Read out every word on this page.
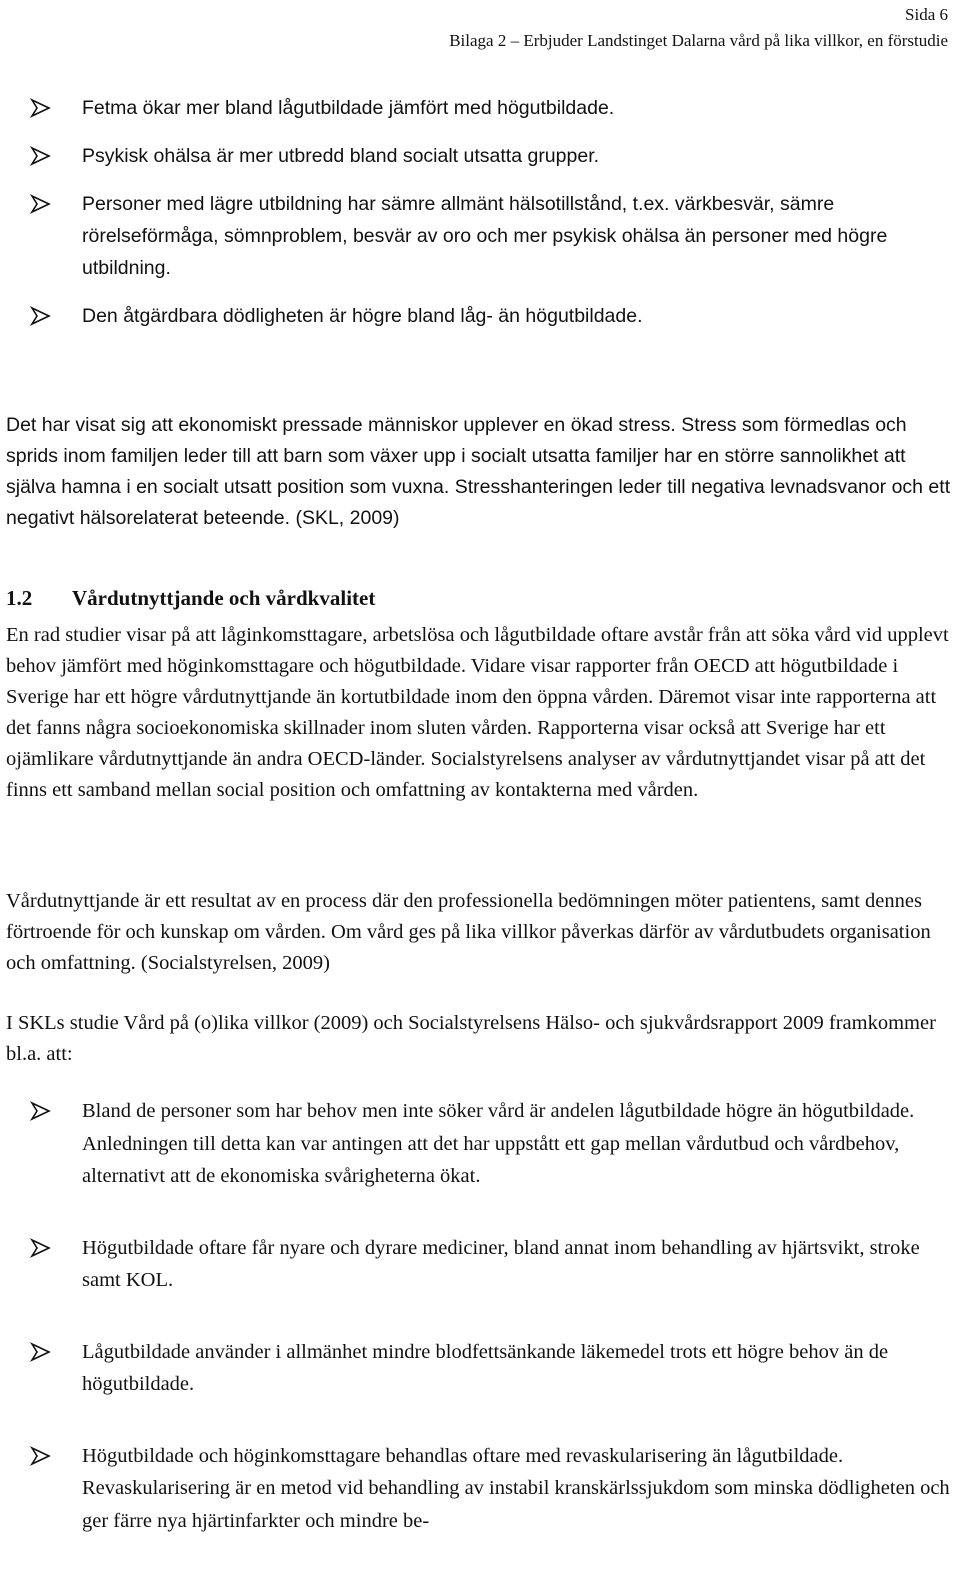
Sida 6
Bilaga 2 – Erbjuder Landstinget Dalarna vård på lika villkor, en förstudie
Fetma ökar mer bland lågutbildade jämfört med högutbildade.
Psykisk ohälsa är mer utbredd bland socialt utsatta grupper.
Personer med lägre utbildning har sämre allmänt hälsotillstånd, t.ex. värkbesvär, sämre rörelseförmåga, sömnproblem, besvär av oro och mer psykisk ohälsa än personer med högre utbildning.
Den åtgärdbara dödligheten är högre bland låg- än högutbildade.
Det har visat sig att ekonomiskt pressade människor upplever en ökad stress. Stress som förmedlas och sprids inom familjen leder till att barn som växer upp i socialt utsatta familjer har en större sannolikhet att själva hamna i en socialt utsatt position som vuxna. Stresshanteringen leder till negativa levnadsvanor och ett negativt hälsorelaterat beteende. (SKL, 2009)
1.2 Vårdutnyttjande och vårdkvalitet
En rad studier visar på att låginkomsttagare, arbetslösa och lågutbildade oftare avstår från att söka vård vid upplevt behov jämfört med höginkomsttagare och högutbildade. Vidare visar rapporter från OECD att högutbildade i Sverige har ett högre vårdutnyttjande än kortutbildade inom den öppna vården. Däremot visar inte rapporterna att det fanns några socioekonomiska skillnader inom sluten vården. Rapporterna visar också att Sverige har ett ojämlikare vårdutnyttjande än andra OECD-länder. Socialstyrelsens analyser av vårdutnyttjandet visar på att det finns ett samband mellan social position och omfattning av kontakterna med vården.
Vårdutnyttjande är ett resultat av en process där den professionella bedömningen möter patientens, samt dennes förtroende för och kunskap om vården. Om vård ges på lika villkor påverkas därför av vårdutbudets organisation och omfattning. (Socialstyrelsen, 2009)
I SKLs studie Vård på (o)lika villkor (2009) och Socialstyrelsens Hälso- och sjukvårdsrapport 2009 framkommer bl.a. att:
Bland de personer som har behov men inte söker vård är andelen lågutbildade högre än högutbildade. Anledningen till detta kan var antingen att det har uppstått ett gap mellan vårdutbud och vårdbehov, alternativt att de ekonomiska svårigheterna ökat.
Högutbildade oftare får nyare och dyrare mediciner, bland annat inom behandling av hjärtsvikt, stroke samt KOL.
Lågutbildade använder i allmänhet mindre blodfettsänkande läkemedel trots ett högre behov än de högutbildade.
Högutbildade och höginkomsttagare behandlas oftare med revaskularisering än lågutbildade. Revaskularisering är en metod vid behandling av instabil kranskärlssjukdom som minska dödligheten och ger färre nya hjärtinfarkter och mindre be-
